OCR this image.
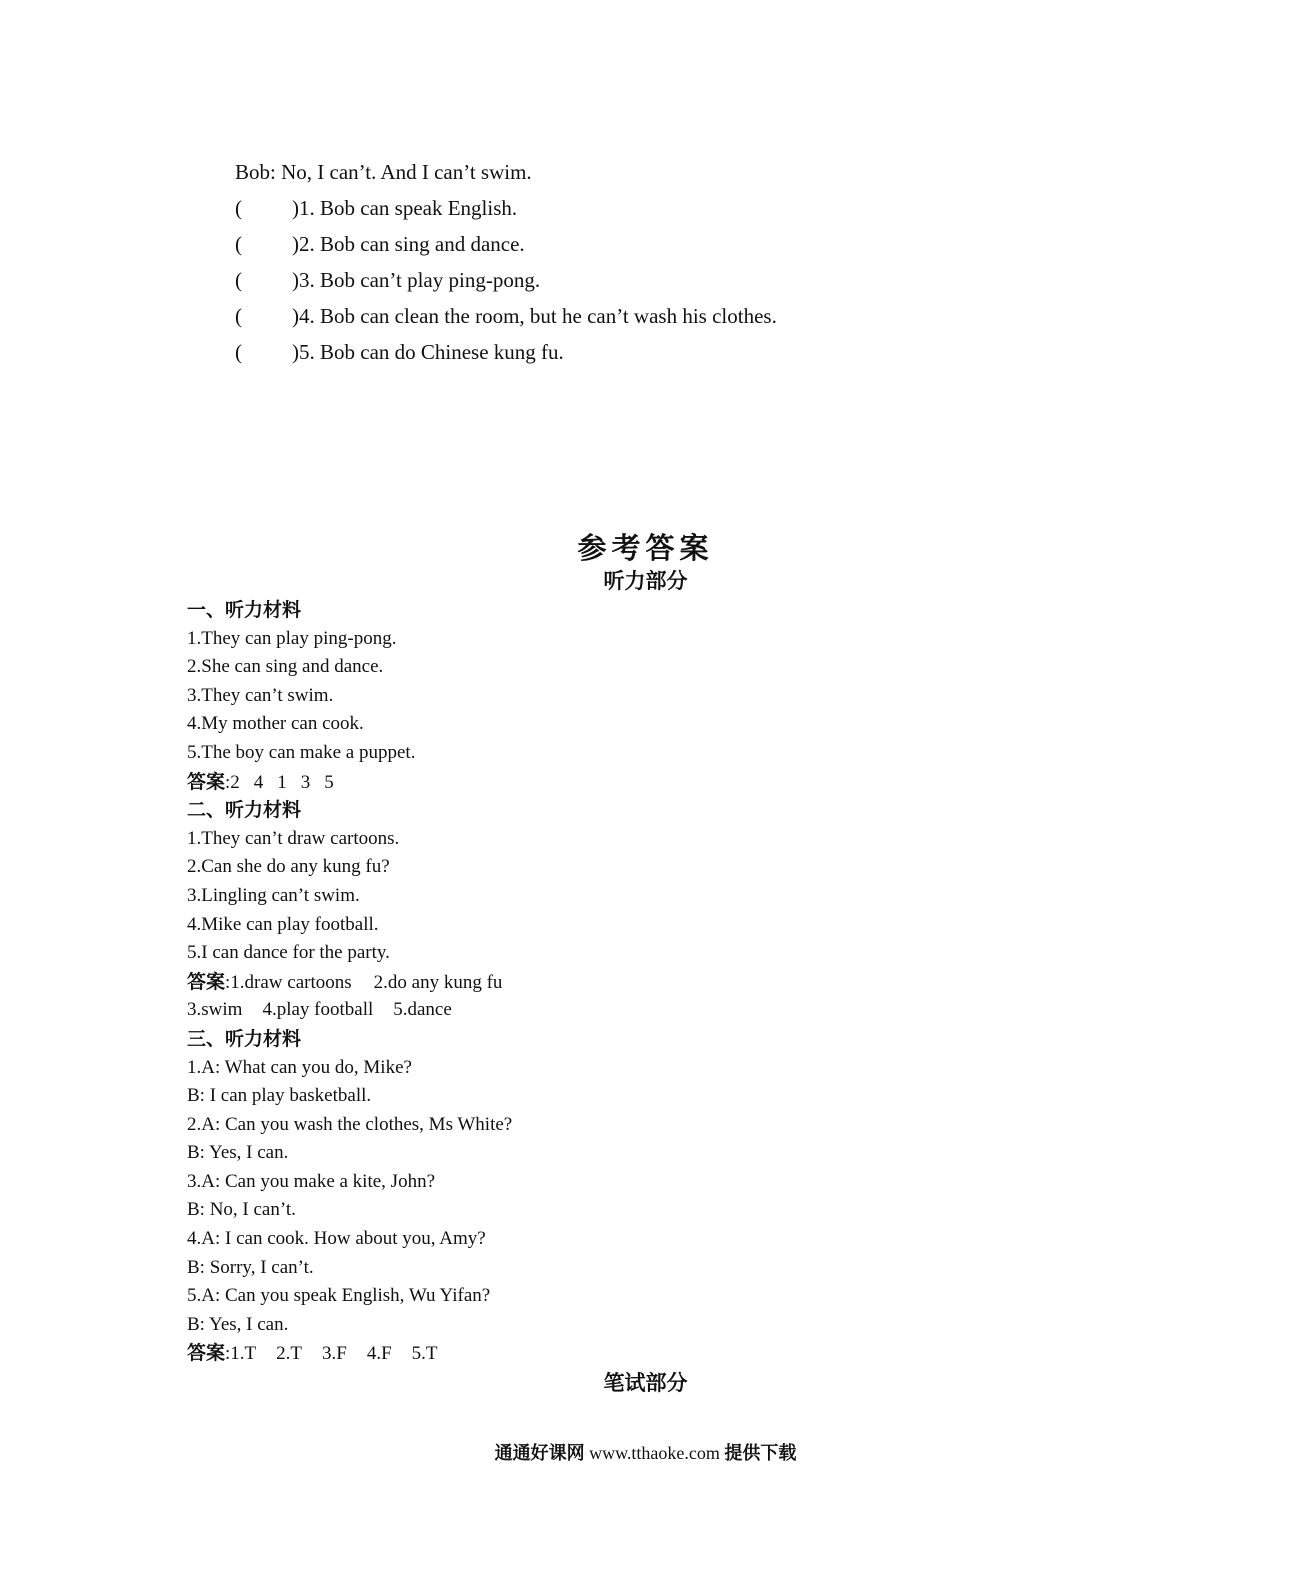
Bob: No, I can’t. And I can’t swim.
( )1. Bob can speak English.
( )2. Bob can sing and dance.
( )3. Bob can’t play ping-pong.
( )4. Bob can clean the room, but he can’t wash his clothes.
( )5. Bob can do Chinese kung fu.
参考答案
听力部分
一、听力材料
1.They can play ping-pong.
2.She can sing and dance.
3.They can’t swim.
4.My mother can cook.
5.The boy can make a puppet.
答案:2 4 1 3 5
二、听力材料
1.They can’t draw cartoons.
2.Can she do any kung fu?
3.Lingling can’t swim.
4.Mike can play football.
5.I can dance for the party.
答案:1.draw cartoons 2.do any kung fu
3.swim 4.play football 5.dance
三、听力材料
1.A: What can you do, Mike?
B: I can play basketball.
2.A: Can you wash the clothes, Ms White?
B: Yes, I can.
3.A: Can you make a kite, John?
B: No, I can’t.
4.A: I can cook. How about you, Amy?
B: Sorry, I can’t.
5.A: Can you speak English, Wu Yifan?
B: Yes, I can.
答案:1.T 2.T 3.F 4.F 5.T
笔试部分
通通好课网 www.tthaoke.com 提供下载
